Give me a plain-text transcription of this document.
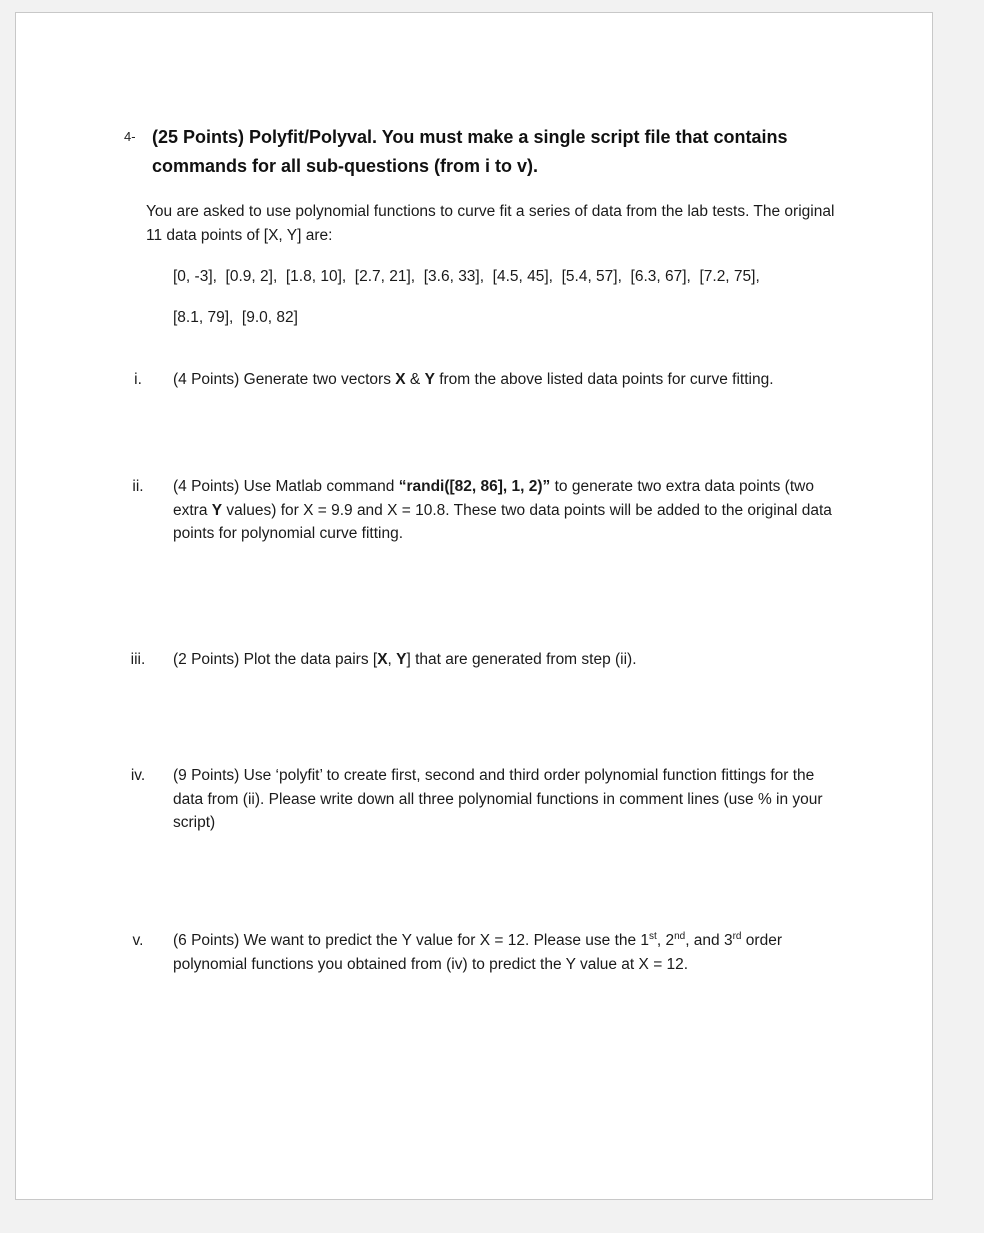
4- (25 Points) Polyfit/Polyval. You must make a single script file that contains commands for all sub-questions (from i to v).
You are asked to use polynomial functions to curve fit a series of data from the lab tests. The original 11 data points of [X, Y] are:
[0, -3],  [0.9, 2],  [1.8, 10],  [2.7, 21],  [3.6, 33],  [4.5, 45],  [5.4, 57],  [6.3, 67],  [7.2, 75],
[8.1, 79],  [9.0, 82]
i.	(4 Points) Generate two vectors X & Y from the above listed data points for curve fitting.
ii.	(4 Points) Use Matlab command “randi([82, 86], 1, 2)” to generate two extra data points (two extra Y values) for X = 9.9 and X = 10.8. These two data points will be added to the original data points for polynomial curve fitting.
iii.	(2 Points) Plot the data pairs [X, Y] that are generated from step (ii).
iv.	(9 Points) Use ‘polyfit’ to create first, second and third order polynomial function fittings for the data from (ii). Please write down all three polynomial functions in comment lines (use % in your script)
v.	(6 Points) We want to predict the Y value for X = 12. Please use the 1st, 2nd, and 3rd order polynomial functions you obtained from (iv) to predict the Y value at X = 12.
